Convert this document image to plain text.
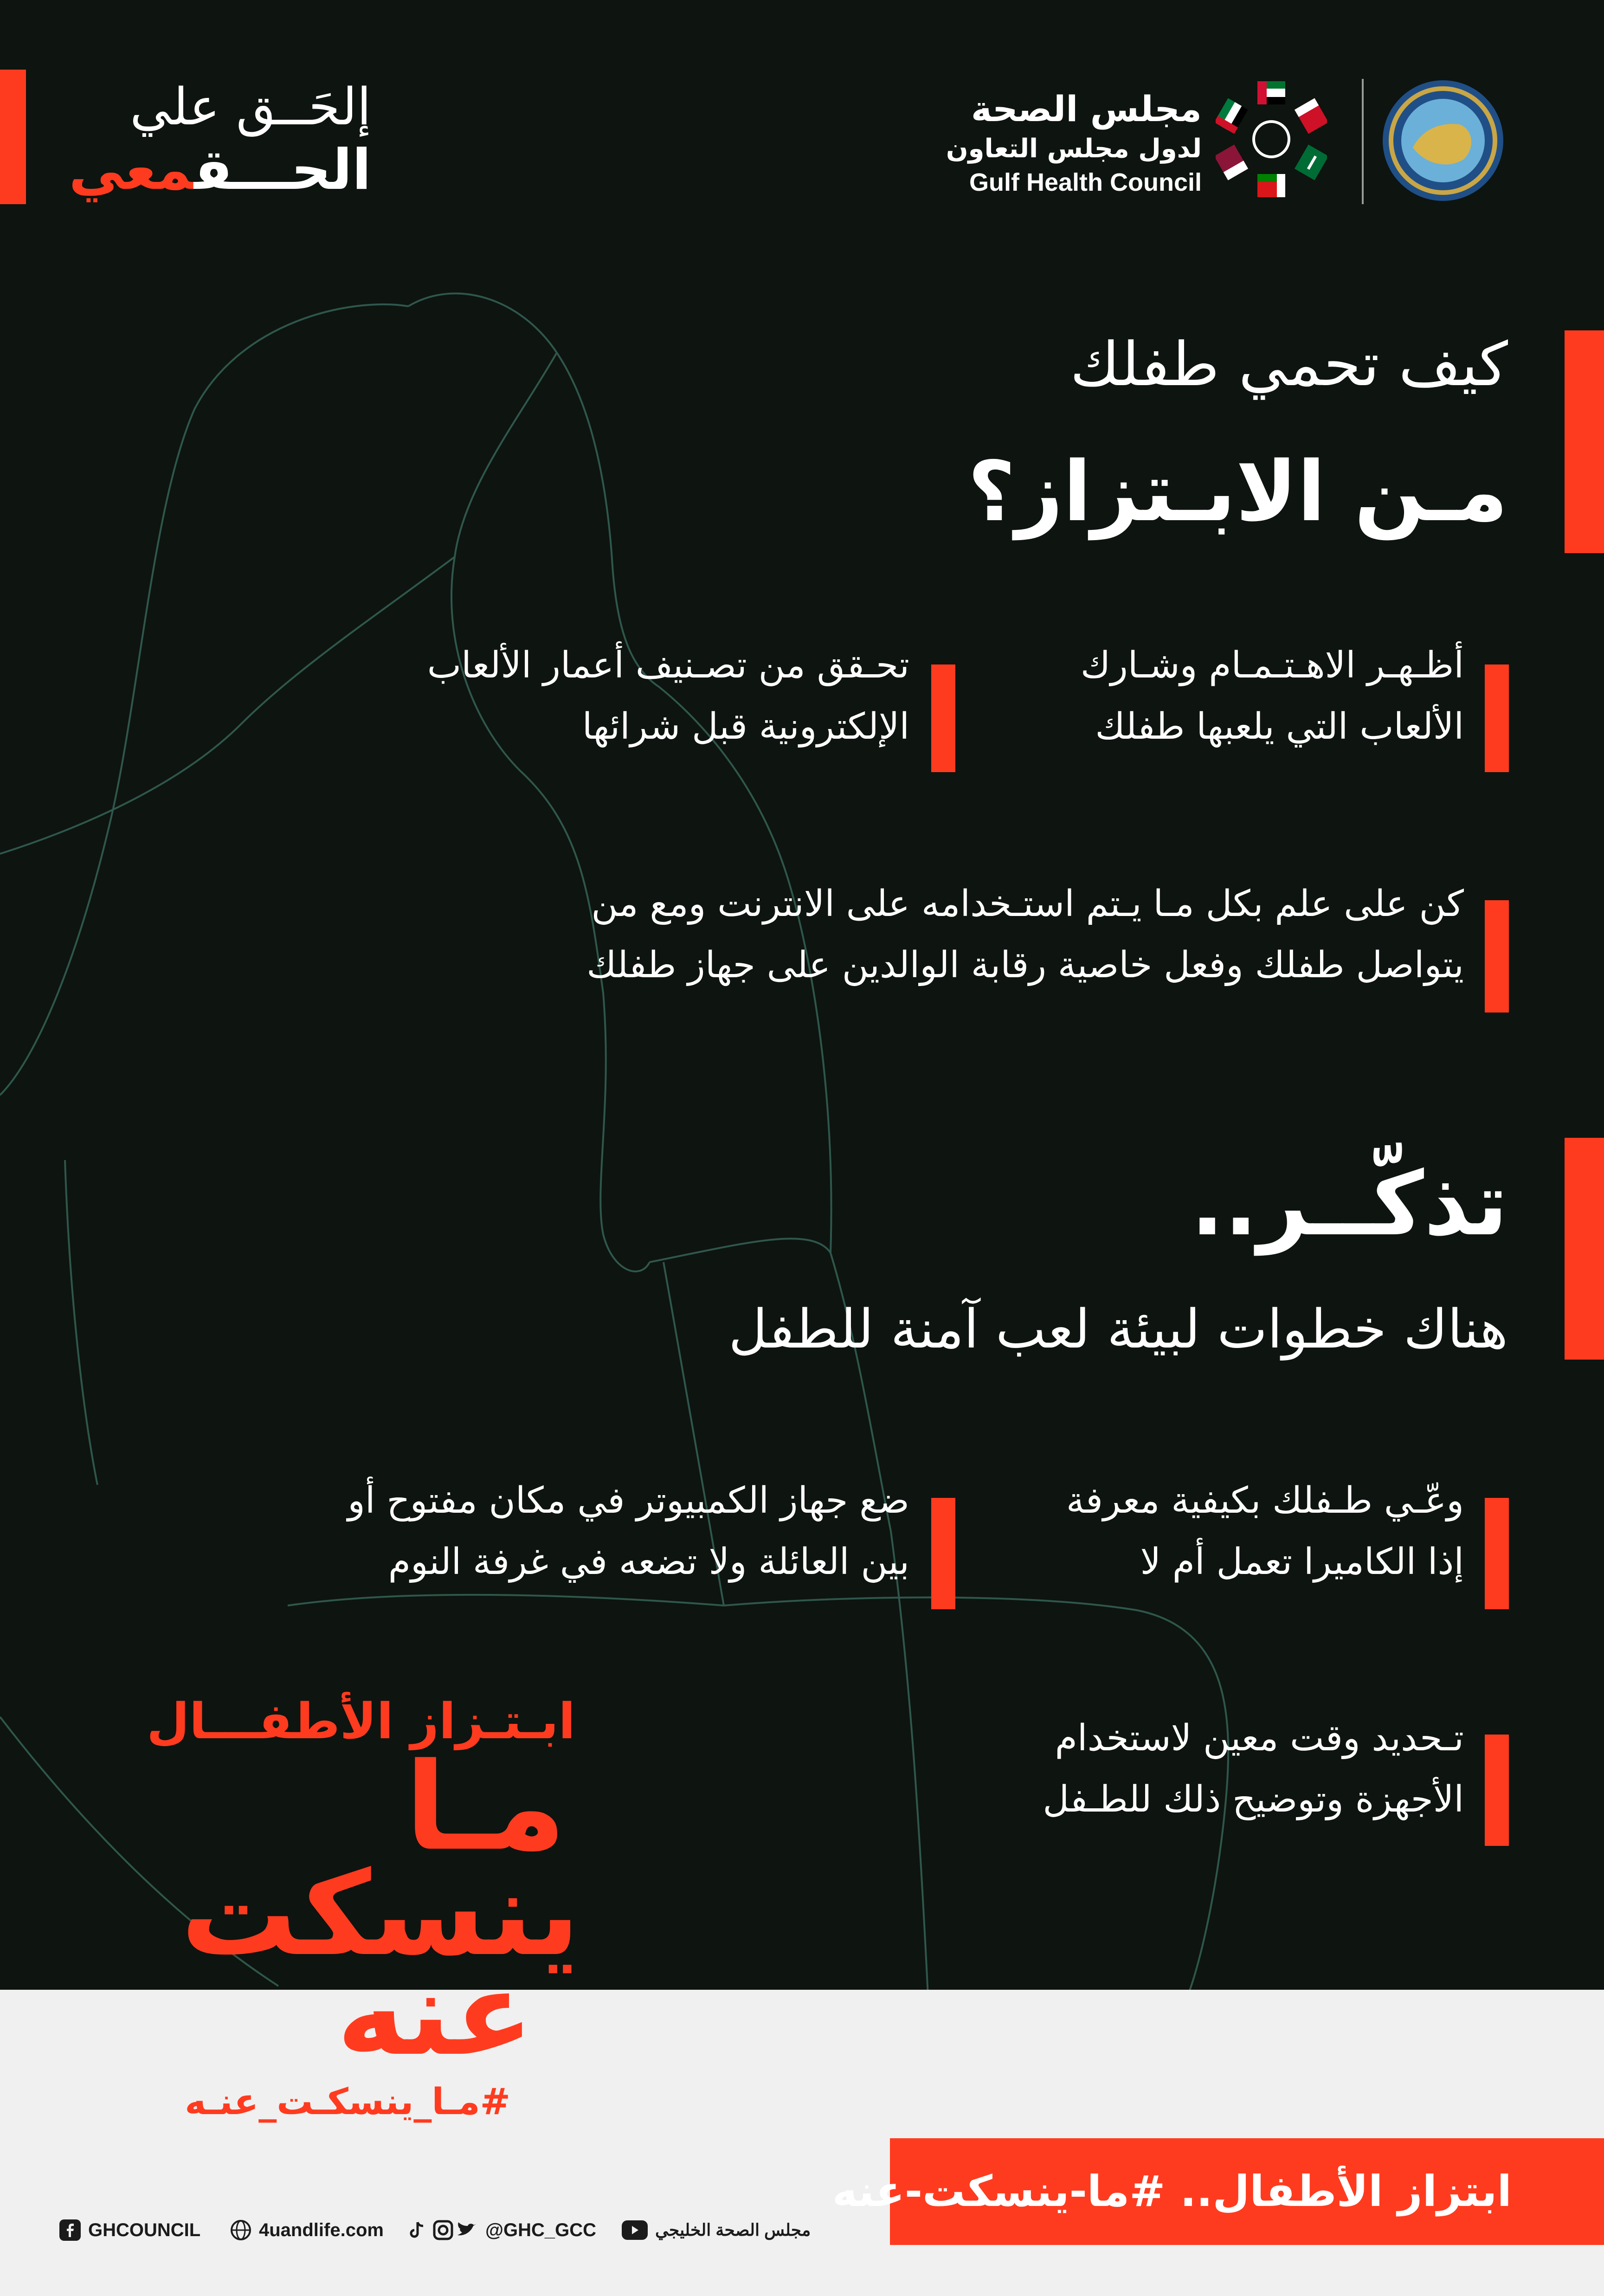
إلحَــق علي
الحـــقمعي
مجلس الصحة
لدول مجلس التعاون
Gulf Health Council
كيف تحمي طفلك
مـن الابـتزاز؟
أظـهـر الاهـتـمـام وشـارك
الألعاب التي يلعبها طفلك
تحـقق من تصـنيف أعمار الألعاب
الإلكترونية قبل شرائها
كن على علم بكل مـا يـتم استـخدامه على الانترنت ومع من
يتواصل طفلك وفعل خاصية رقابة الوالدين على جهاز طفلك
تذكّــر..
هناك خطوات لبيئة لعب آمنة للطفل
وعّـي طـفلك بكيفية معرفة
إذا الكاميرا تعمل أم لا
ضع جهاز الكمبيوتر في مكان مفتوح أو
بين العائلة ولا تضعه في غرفة النوم
تـحديد وقت معين لاستخدام
الأجهزة وتوضيح ذلك للطـفل
ابـتـزاز الأطفـــال
مـا
ينسكت
عنه
#مـا_ينسكـت_عنـه
ابتزاز الأطفال.. #ما-ينسكت-عنه
GHCOUNCIL	4uandlife.com	@GHC_GCC	مجلس الصحة الخليجي
